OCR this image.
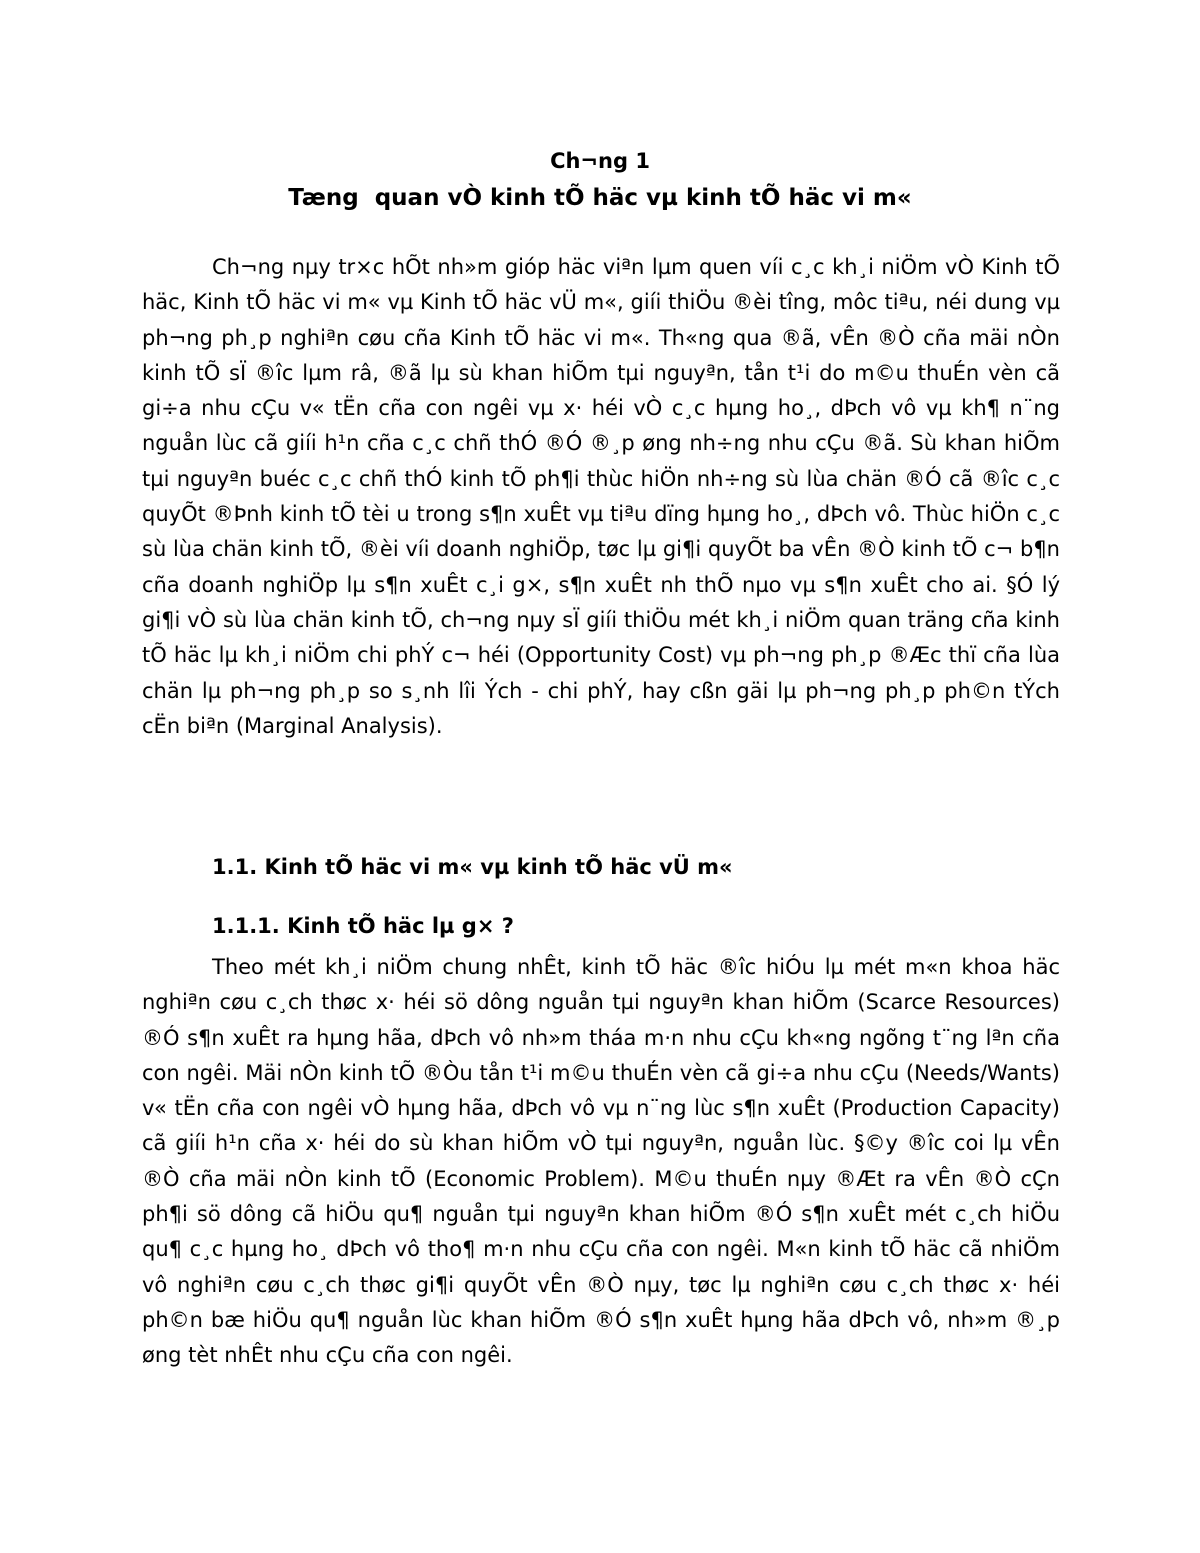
Ch¬ng 1
Tæng  quan vÒ kinh tÕ häc vµ kinh tÕ häc vi m«

Ch¬ng nµy tr×c hÕt nh»m gióp häc viªn lµm quen víi c¸c kh¸i niÖm vÒ Kinh tÕ häc, Kinh tÕ häc vi m« vµ Kinh tÕ häc vÜ m«, giíi thiÖu ®èi tîng, môc tiªu, néi dung vµ ph¬ng ph¸p nghiªn cøu cña Kinh tÕ häc vi m«. Th«ng qua ®ã, vÊn ®Ò cña mäi nÒn kinh tÕ sÏ ®îc lµm râ, ®ã lµ sù khan hiÕm tµi nguyªn, tån t¹i do m©u thuÉn vèn cã gi÷a nhu cÇu v« tËn cña con ngêi vµ x· héi vÒ c¸c hµng ho¸, dÞch vô vµ kh¶ n¨ng nguån lùc cã giíi h¹n cña c¸c chñ thÓ ®Ó ®¸p øng nh÷ng nhu cÇu ®ã. Sù khan hiÕm tµi nguyªn buéc c¸c chñ thÓ kinh tÕ ph¶i thùc hiÖn nh÷ng sù lùa chän ®Ó cã ®îc c¸c quyÕt ®Þnh kinh tÕ tèi u trong s¶n xuÊt vµ tiªu dïng hµng ho¸, dÞch vô. Thùc hiÖn c¸c sù lùa chän kinh tÕ, ®èi víi doanh nghiÖp, tøc lµ gi¶i quyÕt ba vÊn ®Ò kinh tÕ c¬ b¶n cña doanh nghiÖp lµ s¶n xuÊt c¸i g×, s¶n xuÊt nh thÕ nµo vµ s¶n xuÊt cho ai. §Ó lý gi¶i vÒ sù lùa chän kinh tÕ, ch¬ng nµy sÏ giíi thiÖu mét kh¸i niÖm quan träng cña kinh tÕ häc lµ kh¸i niÖm chi phÝ c¬ héi (Opportunity Cost) vµ ph¬ng ph¸p ®Æc thï cña lùa chän lµ ph¬ng ph¸p so s¸nh lîi Ých - chi phÝ, hay cßn gäi lµ ph¬ng ph¸p ph©n tÝch cËn biªn (Marginal Analysis).

1.1. Kinh tÕ häc vi m« vµ kinh tÕ häc vÜ m«
1.1.1. Kinh tÕ häc lµ g× ?

Theo mét kh¸i niÖm chung nhÊt, kinh tÕ häc ®îc hiÓu lµ mét m«n khoa häc nghiªn cøu c¸ch thøc x· héi sö dông nguån tµi nguyªn khan hiÕm (Scarce Resources) ®Ó s¶n xuÊt ra hµng hãa, dÞch vô nh»m tháa m·n nhu cÇu kh«ng ngõng t¨ng lªn cña con ngêi. Mäi nÒn kinh tÕ ®Òu tån t¹i m©u thuÉn vèn cã gi÷a nhu cÇu (Needs/Wants) v« tËn cña con ngêi vÒ hµng hãa, dÞch vô vµ n¨ng lùc s¶n xuÊt (Production Capacity) cã giíi h¹n cña x· héi do sù khan hiÕm vÒ tµi nguyªn, nguån lùc. §©y ®îc coi lµ vÊn ®Ò cña mäi nÒn kinh tÕ (Economic Problem). M©u thuÉn nµy ®Æt ra vÊn ®Ò cÇn ph¶i sö dông cã hiÖu qu¶ nguån tµi nguyªn khan hiÕm ®Ó s¶n xuÊt mét c¸ch hiÖu qu¶ c¸c hµng ho¸ dÞch vô tho¶ m·n nhu cÇu cña con ngêi. M«n kinh tÕ häc cã nhiÖm vô nghiªn cøu c¸ch thøc gi¶i quyÕt vÊn ®Ò nµy, tøc lµ nghiªn cøu c¸ch thøc x· héi ph©n bæ hiÖu qu¶ nguån lùc khan hiÕm ®Ó s¶n xuÊt hµng hãa dÞch vô, nh»m ®¸p øng tèt nhÊt nhu cÇu cña con ngêi.
